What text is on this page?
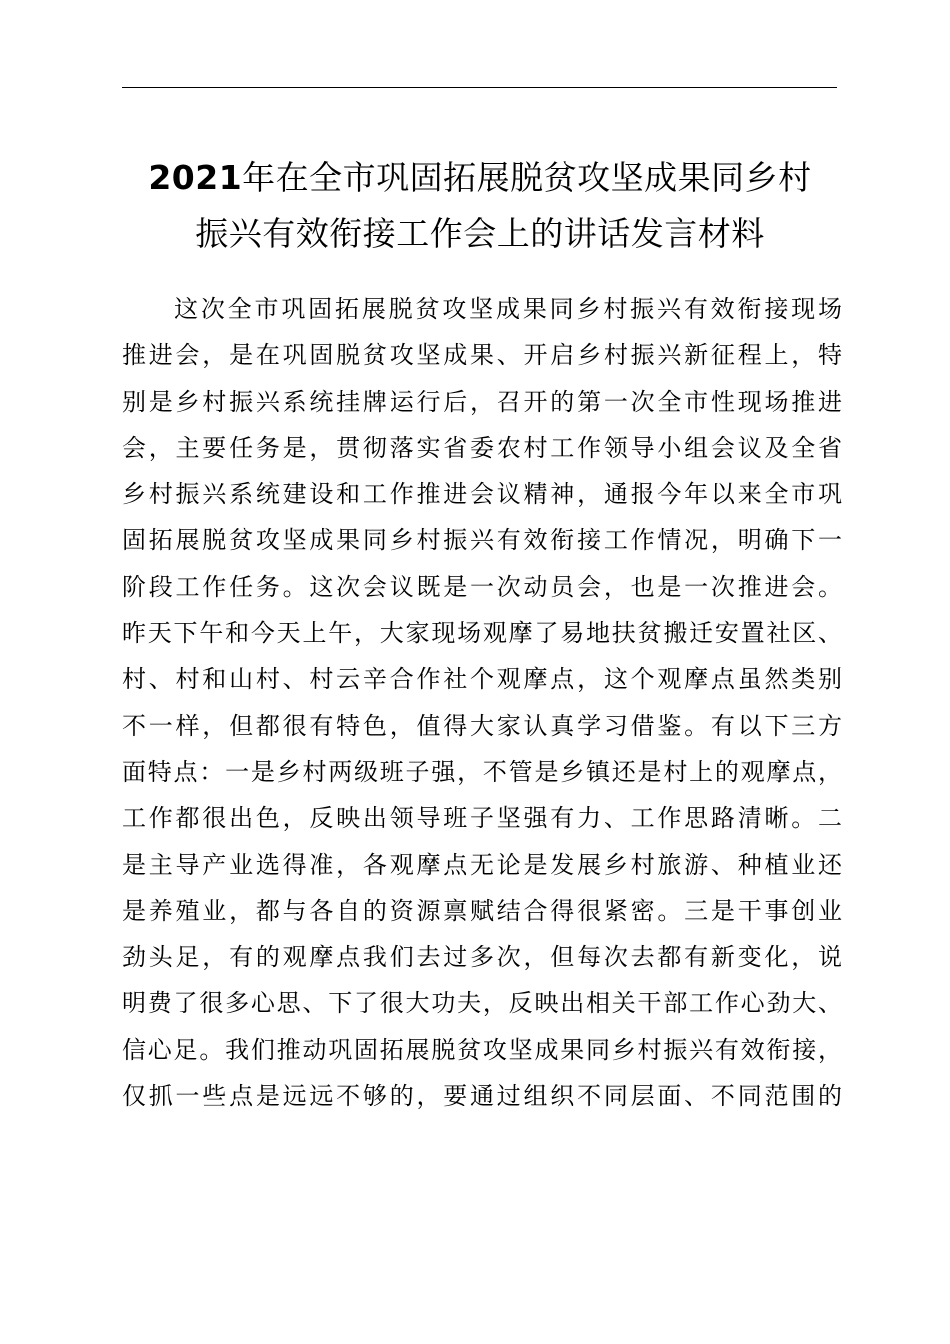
2021年在全市巩固拓展脱贫攻坚成果同乡村
振兴有效衔接工作会上的讲话发言材料
这次全市巩固拓展脱贫攻坚成果同乡村振兴有效衔接现场
推进会，是在巩固脱贫攻坚成果、开启乡村振兴新征程上，特
别是乡村振兴系统挂牌运行后，召开的第一次全市性现场推进
会，主要任务是，贯彻落实省委农村工作领导小组会议及全省
乡村振兴系统建设和工作推进会议精神，通报今年以来全市巩
固拓展脱贫攻坚成果同乡村振兴有效衔接工作情况，明确下一
阶段工作任务。这次会议既是一次动员会，也是一次推进会。
昨天下午和今天上午，大家现场观摩了易地扶贫搬迁安置社区、
村、村和山村、村云辛合作社个观摩点，这个观摩点虽然类别
不一样，但都很有特色，值得大家认真学习借鉴。有以下三方
面特点：一是乡村两级班子强，不管是乡镇还是村上的观摩点，
工作都很出色，反映出领导班子坚强有力、工作思路清晰。二
是主导产业选得准，各观摩点无论是发展乡村旅游、种植业还
是养殖业，都与各自的资源禀赋结合得很紧密。三是干事创业
劲头足，有的观摩点我们去过多次，但每次去都有新变化，说
明费了很多心思、下了很大功夫，反映出相关干部工作心劲大、
信心足。我们推动巩固拓展脱贫攻坚成果同乡村振兴有效衔接，
仅抓一些点是远远不够的，要通过组织不同层面、不同范围的
